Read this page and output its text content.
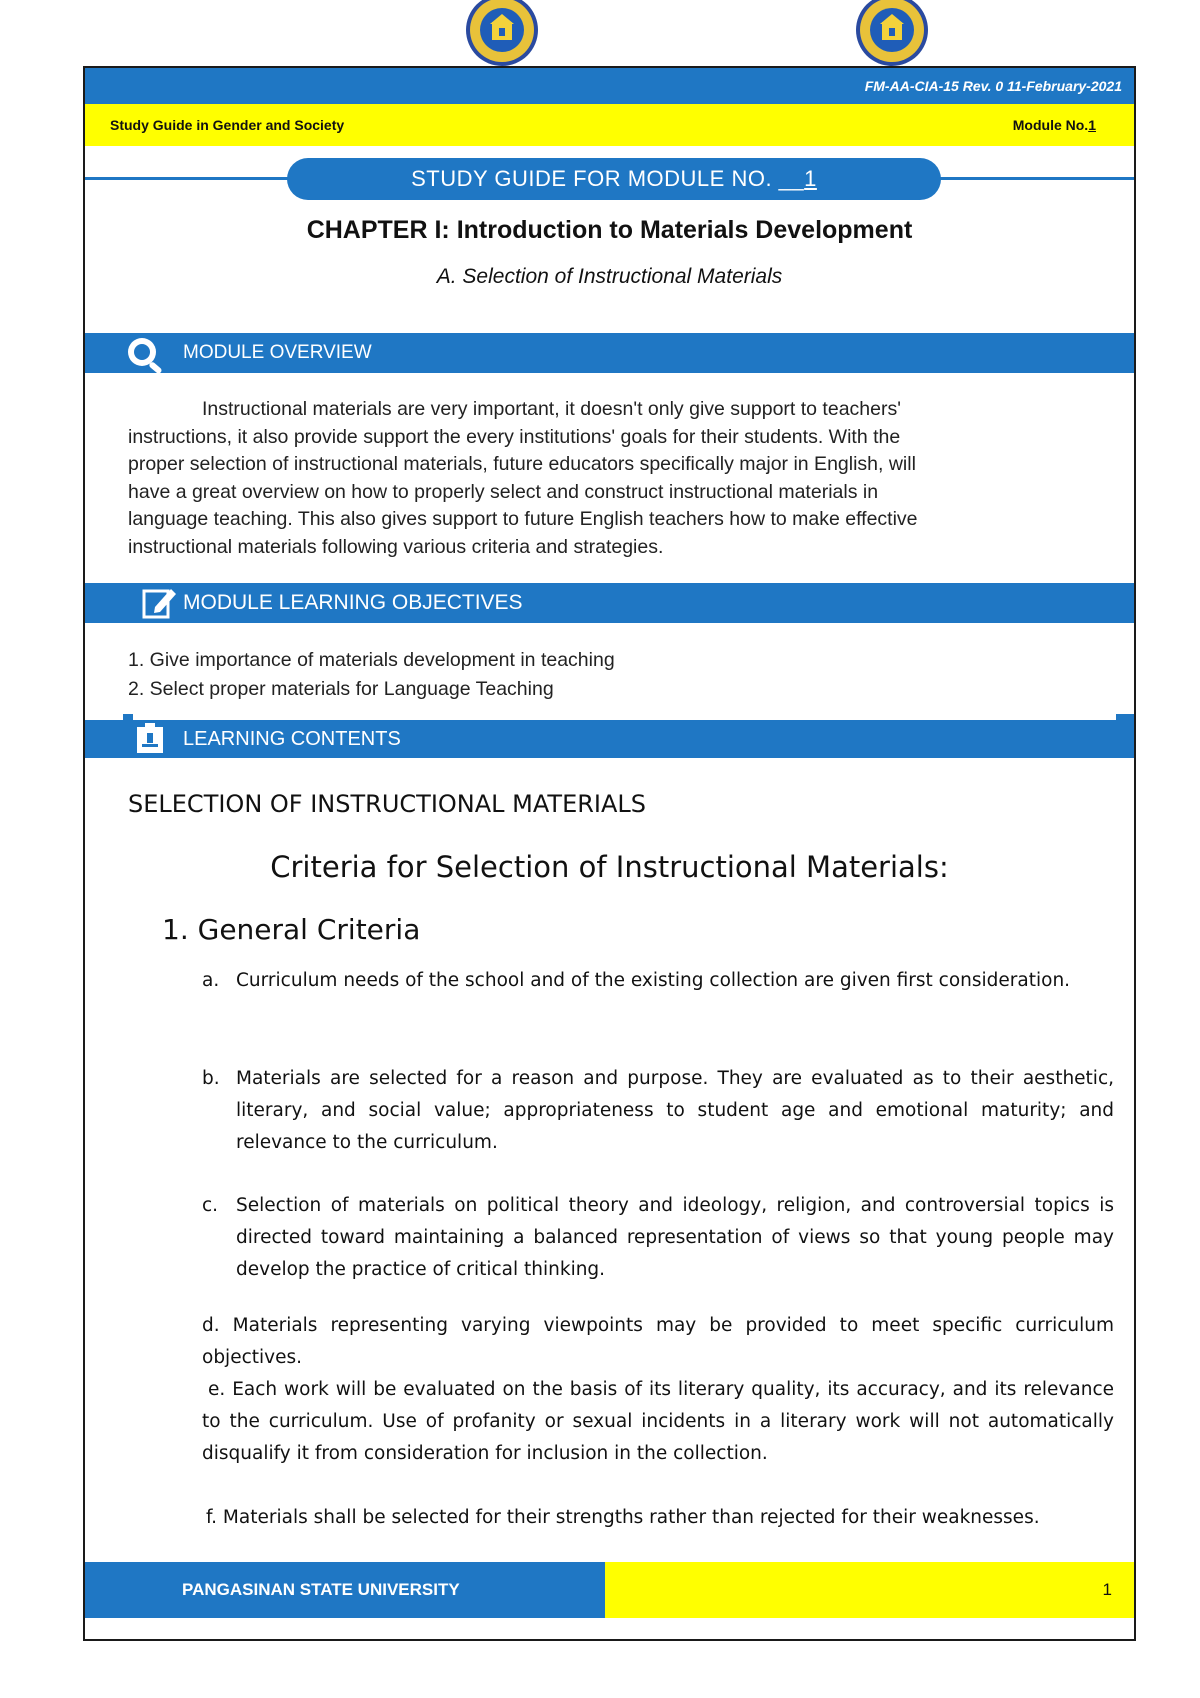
FM-AA-CIA-15 Rev. 0 11-February-2021
Study Guide in Gender and Society	Module No.1
STUDY GUIDE FOR MODULE NO. __1
CHAPTER I: Introduction to Materials Development
A. Selection of Instructional Materials
MODULE OVERVIEW
Instructional materials are very important, it doesn't only give support to teachers'
instructions, it also provide support the every institutions' goals for their students. With the
proper selection of instructional materials, future educators specifically major in English, will
have a great overview on how to properly select and construct instructional materials in
language teaching. This also gives support to future English teachers how to make effective
instructional materials following various criteria and strategies.
MODULE LEARNING OBJECTIVES
1. Give importance of materials development in teaching
2. Select proper materials for Language Teaching
LEARNING CONTENTS
SELECTION OF INSTRUCTIONAL MATERIALS
Criteria for Selection of Instructional Materials:
1. General Criteria
a. Curriculum needs of the school and of the existing collection are given first consideration.
b. Materials are selected for a reason and purpose. They are evaluated as to their aesthetic, literary, and social value; appropriateness to student age and emotional maturity; and relevance to the curriculum.
c. Selection of materials on political theory and ideology, religion, and controversial topics is directed toward maintaining a balanced representation of views so that young people may develop the practice of critical thinking.
d. Materials representing varying viewpoints may be provided to meet specific curriculum objectives.
e. Each work will be evaluated on the basis of its literary quality, its accuracy, and its relevance to the curriculum. Use of profanity or sexual incidents in a literary work will not automatically disqualify it from consideration for inclusion in the collection.
f. Materials shall be selected for their strengths rather than rejected for their weaknesses.
PANGASINAN STATE UNIVERSITY	1
